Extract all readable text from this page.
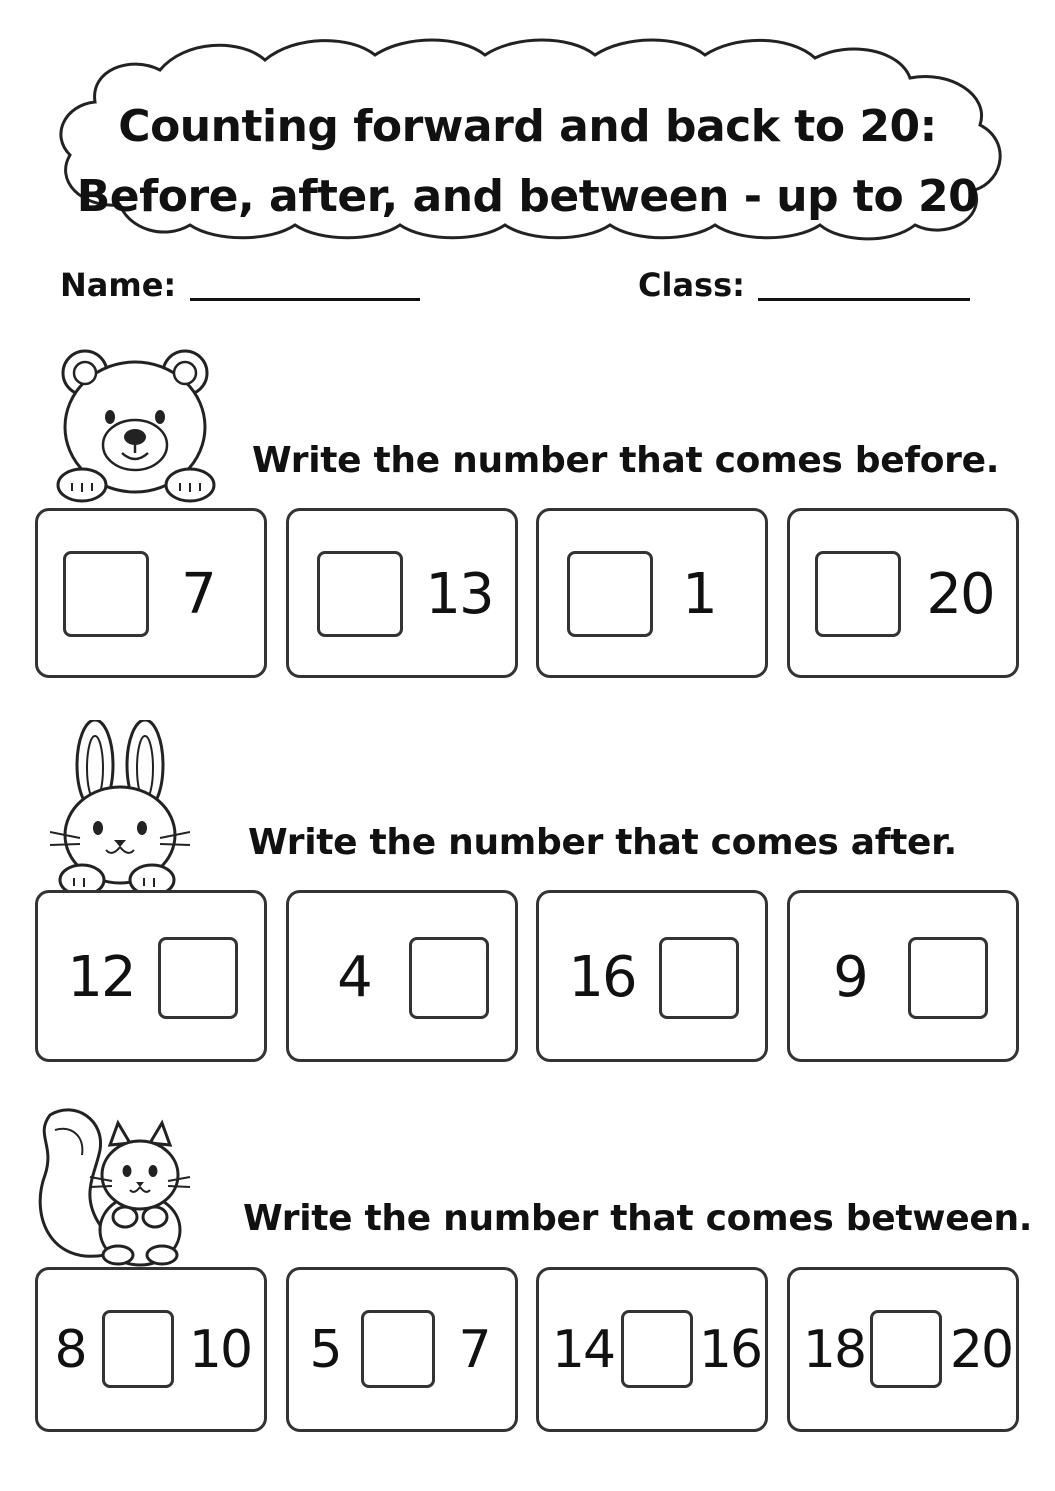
Counting forward and back to 20:
Before, after, and between - up to 20
Name:	Class:
Write the number that comes before.
7	13	1	20
Write the number that comes after.
12	4	16	9
Write the number that comes between.
8 10 5 7 14 16 18 20
